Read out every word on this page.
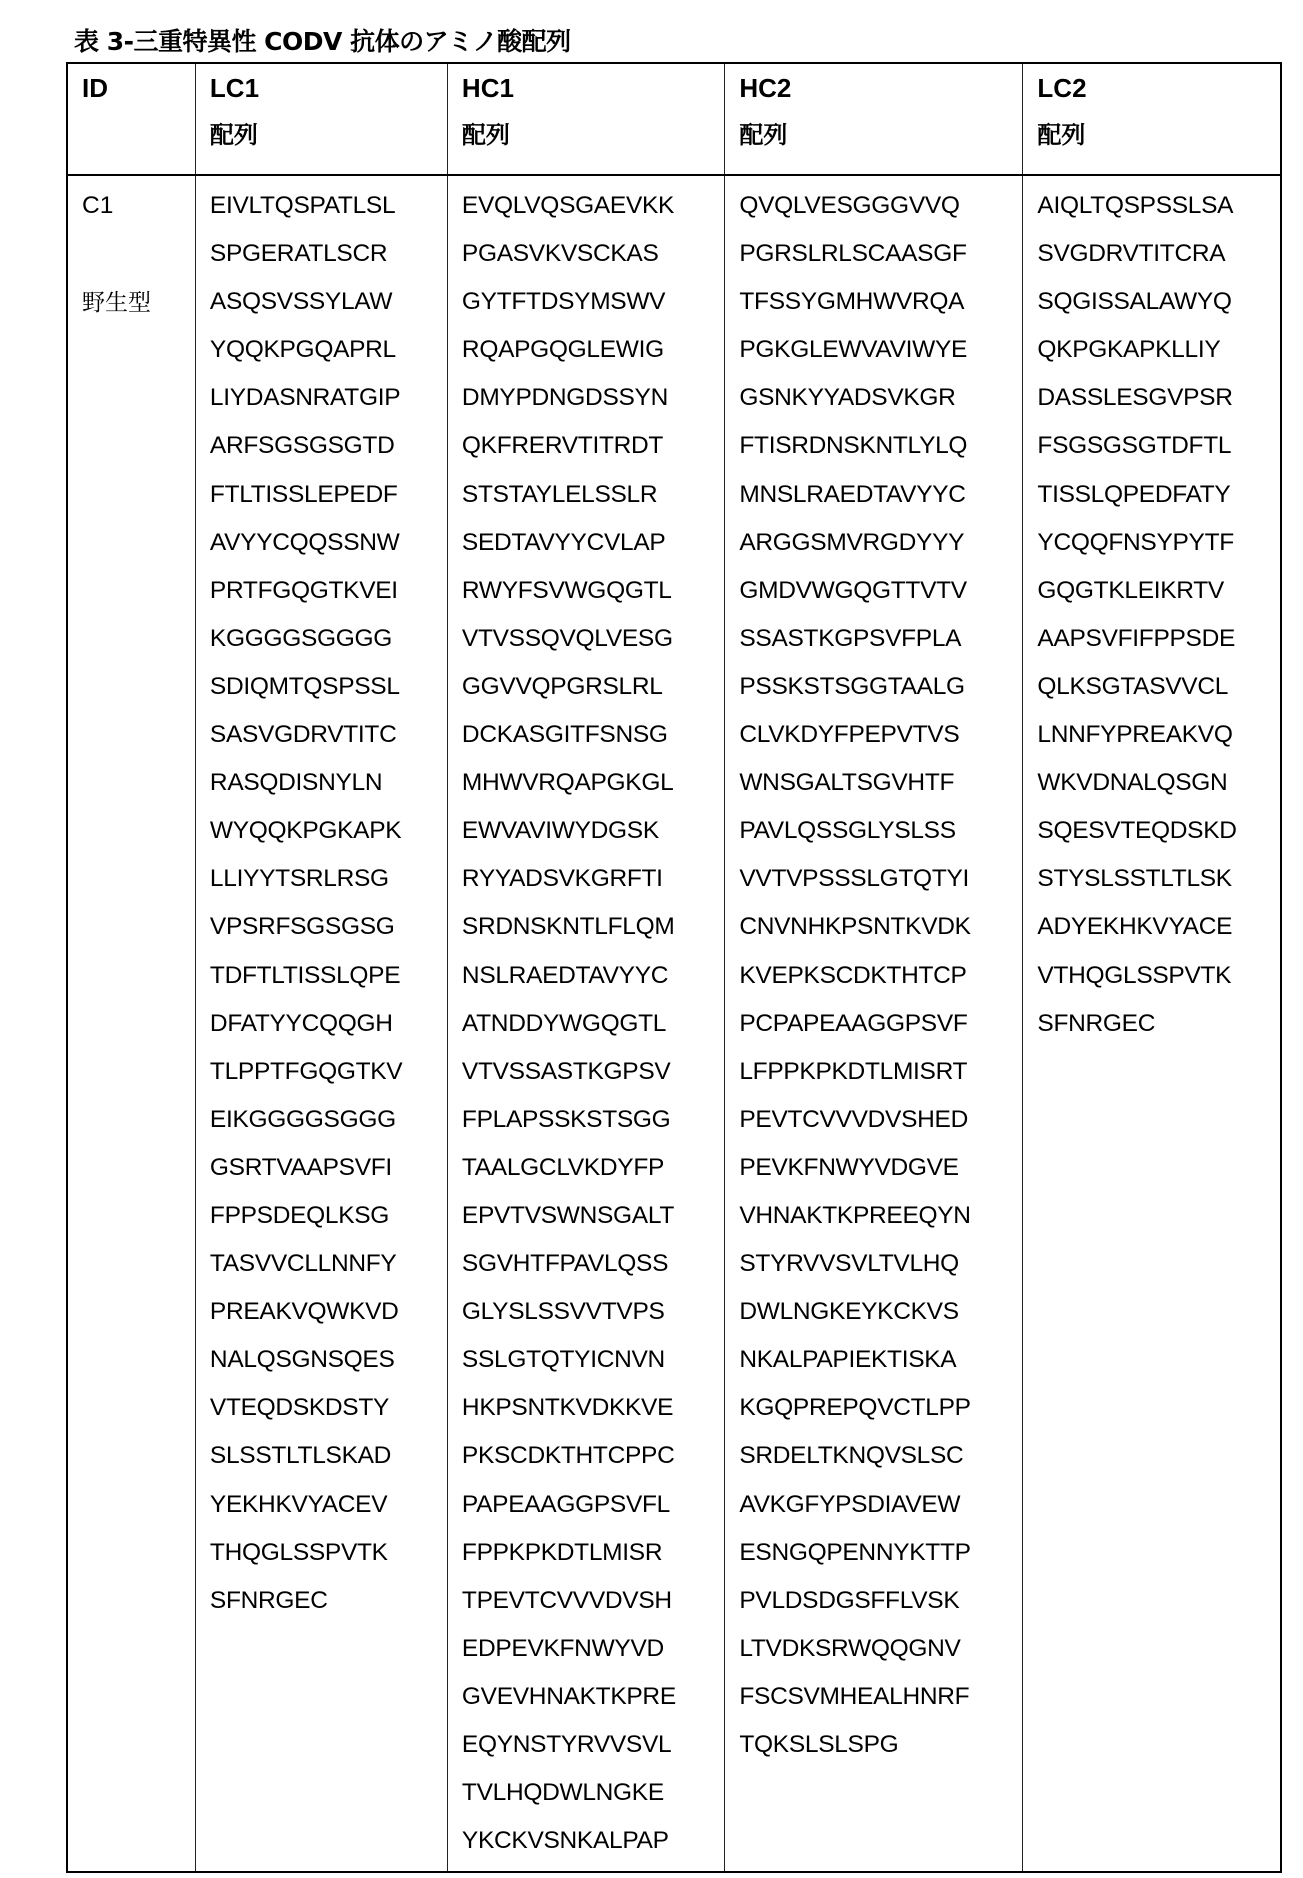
表 3-三重特異性 CODV 抗体のアミノ酸配列
ID	LC1
配列

HC1
配列

HC2
配列

LC2
配列

C1
野生型

EIVLTQSPATLSL
SPGERATLSCR
ASQSVSSYLAW
YQQKPGQAPRL
LIYDASNRATGIP
ARFSGSGSGTD
FTLTISSLEPEDF
AVYYCQQSSNW
PRTFGQGTKVEI
KGGGGSGGGG
SDIQMTQSPSSL
SASVGDRVTITC
RASQDISNYLN
WYQQKPGKAPK
LLIYYTSRLRSG
VPSRFSGSGSG
TDFTLTISSLQPE
DFATYYCQQGH
TLPPTFGQGTKV
EIKGGGGSGGG
GSRTVAAPSVFI
FPPSDEQLKSG
TASVVCLLNNFY
PREAKVQWKVD
NALQSGNSQES
VTEQDSKDSTY
SLSSTLTLSKAD
YEKHKVYACEV
THQGLSSPVTK
SFNRGEC

EVQLVQSGAEVKK
PGASVKVSCKAS
GYTFTDSYMSWV
RQAPGQGLEWIG
DMYPDNGDSSYN
QKFRERVTITRDT
STSTAYLELSSLR
SEDTAVYYCVLAP
RWYFSVWGQGTL
VTVSSQVQLVESG
GGVVQPGRSLRL
DCKASGITFSNSG
MHWVRQAPGKGL
EWVAVIWYDGSK
RYYADSVKGRFTI
SRDNSKNTLFLQM
NSLRAEDTAVYYC
ATNDDYWGQGTL
VTVSSASTKGPSV
FPLAPSSKSTSGG
TAALGCLVKDYFP
EPVTVSWNSGALT
SGVHTFPAVLQSS
GLYSLSSVVTVPS
SSLGTQTYICNVN
HKPSNTKVDKKVE
PKSCDKTHTCPPC
PAPEAAGGPSVFL
FPPKPKDTLMISR
TPEVTCVVVDVSH
EDPEVKFNWYVD
GVEVHNAKTKPRE
EQYNSTYRVVSVL
TVLHQDWLNGKE
YKCKVSNKALPAP

QVQLVESGGGVVQ
PGRSLRLSCAASGF
TFSSYGMHWVRQA
PGKGLEWVAVIWYE
GSNKYYADSVKGR
FTISRDNSKNTLYLQ
MNSLRAEDTAVYYC
ARGGSMVRGDYYY
GMDVWGQGTTVTV
SSASTKGPSVFPLA
PSSKSTSGGTAALG
CLVKDYFPEPVTVS
WNSGALTSGVHTF
PAVLQSSGLYSLSS
VVTVPSSSLGTQTYI
CNVNHKPSNTKVDK
KVEPKSCDKTHTCP
PCPAPEAAGGPSVF
LFPPKPKDTLMISRT
PEVTCVVVDVSHED
PEVKFNWYVDGVE
VHNAKTKPREEQYN
STYRVVSVLTVLHQ
DWLNGKEYKCKVS
NKALPAPIEKTISKA
KGQPREPQVCTLPP
SRDELTKNQVSLSC
AVKGFYPSDIAVEW
ESNGQPENNYKTTP
PVLDSDGSFFLVSK
LTVDKSRWQQGNV
FSCSVMHEALHNRF
TQKSLSLSPG

AIQLTQSPSSLSA
SVGDRVTITCRA
SQGISSALAWYQ
QKPGKAPKLLIY
DASSLESGVPSR
FSGSGSGTDFTL
TISSLQPEDFATY
YCQQFNSYPYTF
GQGTKLEIKRTV
AAPSVFIFPPSDE
QLKSGTASVVCL
LNNFYPREAKVQ
WKVDNALQSGN
SQESVTEQDSKD
STYSLSSTLTLSK
ADYEKHKVYACE
VTHQGLSSPVTK
SFNRGEC
